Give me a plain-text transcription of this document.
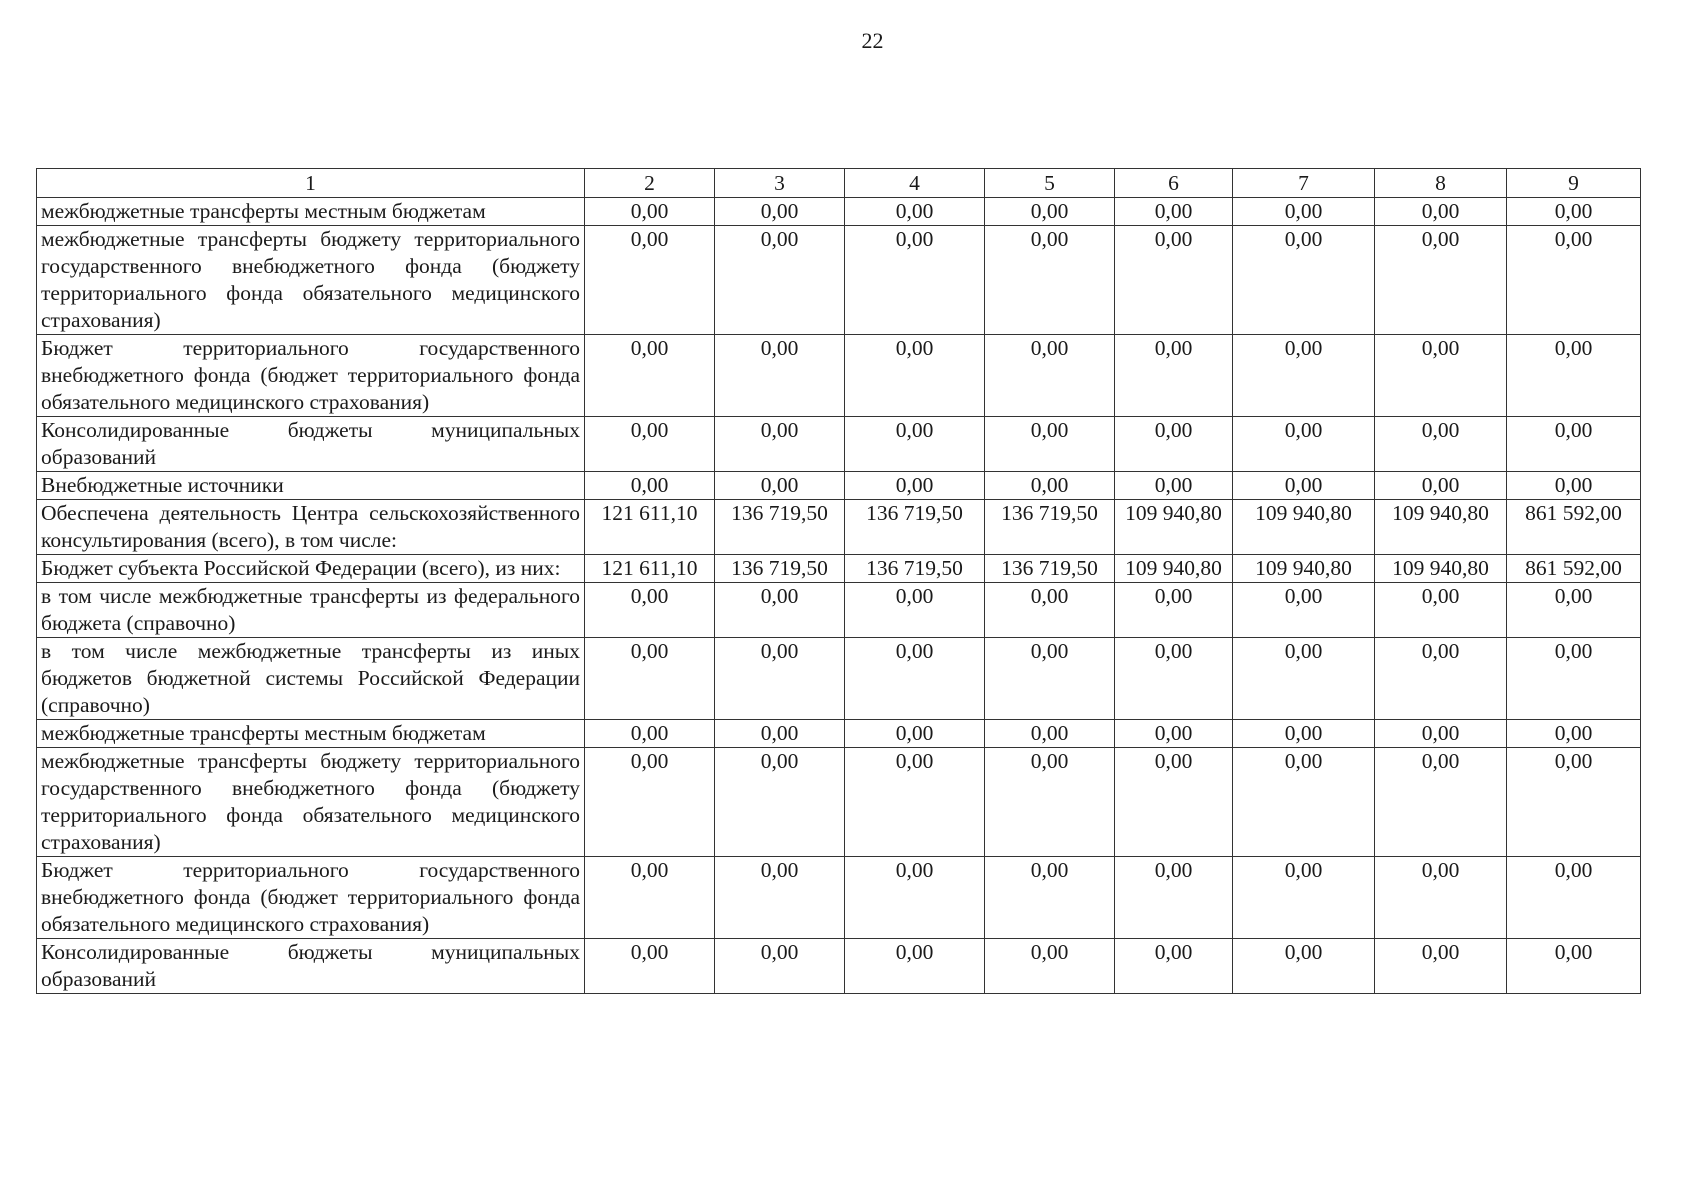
22
1	2	3	4	5	6	7	8	9
межбюджетные трансферты местным бюджетам	0,00	0,00	0,00	0,00	0,00	0,00	0,00	0,00
межбюджетные трансферты бюджету территориального государственного внебюджетного фонда (бюджету территориального фонда обязательного медицинского страхования)	0,00	0,00	0,00	0,00	0,00	0,00	0,00	0,00
Бюджет территориального государственного внебюджетного фонда (бюджет территориального фонда обязательного медицинского страхования)	0,00	0,00	0,00	0,00	0,00	0,00	0,00	0,00
Консолидированные бюджеты муниципальных образований	0,00	0,00	0,00	0,00	0,00	0,00	0,00	0,00
Внебюджетные источники	0,00	0,00	0,00	0,00	0,00	0,00	0,00	0,00
Обеспечена деятельность Центра сельскохозяйственного консультирования (всего), в том числе:	121 611,10	136 719,50	136 719,50	136 719,50	109 940,80	109 940,80	109 940,80	861 592,00
Бюджет субъекта Российской Федерации (всего), из них:	121 611,10	136 719,50	136 719,50	136 719,50	109 940,80	109 940,80	109 940,80	861 592,00
в том числе межбюджетные трансферты из федерального бюджета (справочно)	0,00	0,00	0,00	0,00	0,00	0,00	0,00	0,00
в том числе межбюджетные трансферты из иных бюджетов бюджетной системы Российской Федерации (справочно)	0,00	0,00	0,00	0,00	0,00	0,00	0,00	0,00
межбюджетные трансферты местным бюджетам	0,00	0,00	0,00	0,00	0,00	0,00	0,00	0,00
межбюджетные трансферты бюджету территориального государственного внебюджетного фонда (бюджету территориального фонда обязательного медицинского страхования)	0,00	0,00	0,00	0,00	0,00	0,00	0,00	0,00
Бюджет территориального государственного внебюджетного фонда (бюджет территориального фонда обязательного медицинского страхования)	0,00	0,00	0,00	0,00	0,00	0,00	0,00	0,00
Консолидированные бюджеты муниципальных образований	0,00	0,00	0,00	0,00	0,00	0,00	0,00	0,00
